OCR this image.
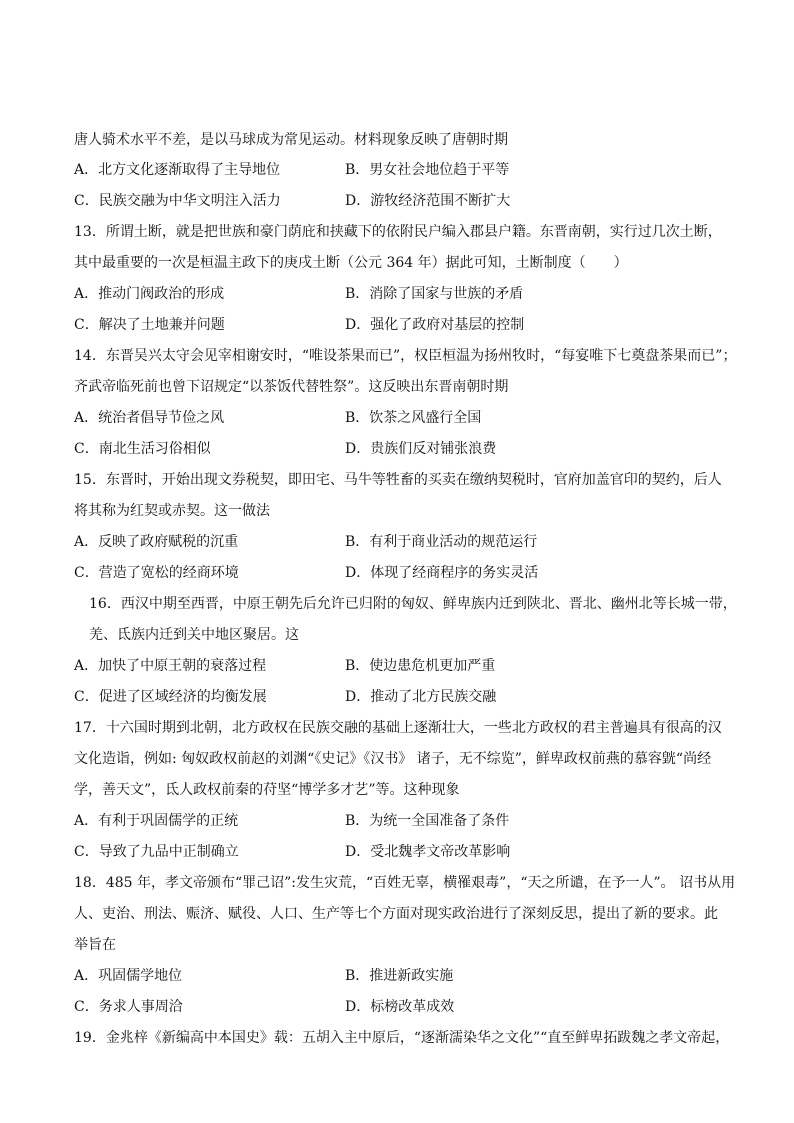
唐人骑术水平不差，是以马球成为常见运动。材料现象反映了唐朝时期
A．北方文化逐渐取得了主导地位	B．男女社会地位趋于平等
C．民族交融为中华文明注入活力	D．游牧经济范围不断扩大
13．所谓土断，就是把世族和豪门荫庇和挟藏下的依附民户编入郡县户籍。东晋南朝，实行过几次土断，
其中最重要的一次是桓温主政下的庚戌土断（公元 364 年）据此可知，土断制度（　　）
A．推动门阀政治的形成	B．消除了国家与世族的矛盾
C．解决了土地兼并问题	D．强化了政府对基层的控制
14．东晋吴兴太守会见宰相谢安时，“唯设茶果而已”，权臣桓温为扬州牧时，“每宴唯下七奠盘茶果而已”；
齐武帝临死前也曾下诏规定“以茶饭代替牲祭”。这反映出东晋南朝时期
A．统治者倡导节俭之风	B．饮茶之风盛行全国
C．南北生活习俗相似	D．贵族们反对铺张浪费
15．东晋时，开始出现文券税契，即田宅、马牛等牲畜的买卖在缴纳契税时，官府加盖官印的契约，后人
将其称为红契或赤契。这一做法
A．反映了政府赋税的沉重	B．有利于商业活动的规范运行
C．营造了宽松的经商环境	D．体现了经商程序的务实灵活
16．西汉中期至西晋，中原王朝先后允许已归附的匈奴、鲜卑族内迁到陕北、晋北、幽州北等长城一带，
羌、氐族内迁到关中地区聚居。这
A．加快了中原王朝的衰落过程	B．使边患危机更加严重
C．促进了区域经济的均衡发展	D．推动了北方民族交融
17．十六国时期到北朝，北方政权在民族交融的基础上逐渐壮大，一些北方政权的君主普遍具有很高的汉
文化造诣，例如: 匈奴政权前赵的刘渊“《史记》《汉书》 诸子，无不综览”，鲜卑政权前燕的慕容皝“尚经
学，善天文”，氐人政权前秦的苻坚“博学多才艺”等。这种现象
A．有利于巩固儒学的正统	B．为统一全国准备了条件
C．导致了九品中正制确立	D．受北魏孝文帝改革影响
18．485 年，孝文帝颁布“罪己诏”:发生灾荒，“百姓无辜，横罹艰毒”，“天之所谴，在予一人”。 诏书从用
人、吏治、刑法、赈济、赋役、人口、生产等七个方面对现实政治进行了深刻反思，提出了新的要求。此
举旨在
A．巩固儒学地位	B．推进新政实施
C．务求人事周洽	D．标榜改革成效
19．金兆梓《新编高中本国史》载：五胡入主中原后，“逐渐濡染华之文化”“直至鲜卑拓跋魏之孝文帝起，
